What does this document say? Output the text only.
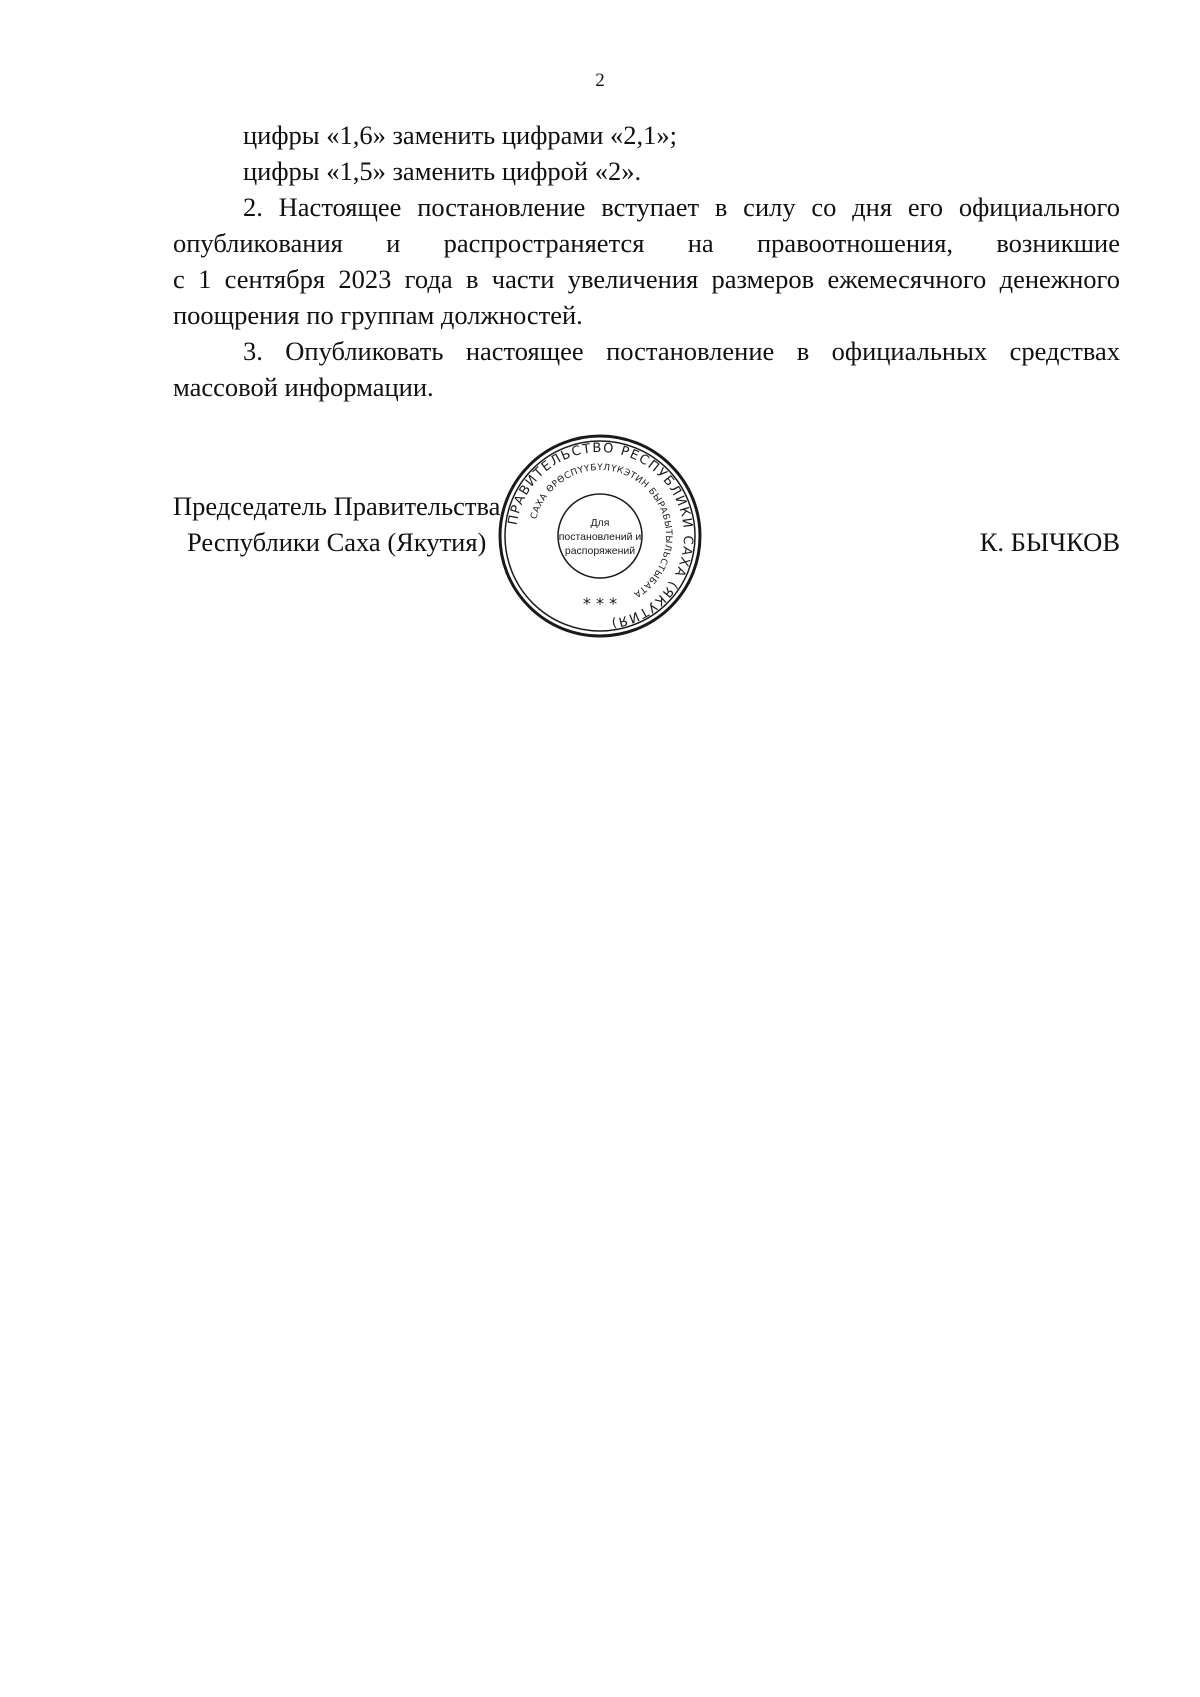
2
цифры «1,6» заменить цифрами «2,1»;
цифры «1,5» заменить цифрой «2».
2. Настоящее постановление вступает в силу со дня его официального
опубликования и распространяется на правоотношения, возникшие
с 1 сентября 2023 года в части увеличения размеров ежемесячного денежного
поощрения по группам должностей.
3. Опубликовать настоящее постановление в официальных средствах
массовой информации.
Председатель Правительства
Республики Саха (Якутия)	К. БЫЧКОВ
ПРАВИТЕЛЬСТВО РЕСПУБЛИКИ САХА (ЯКУТИЯ)
САХА ӨРӨСПҮҮБҮЛҮКЭТИН БЫРАБЫТЫЛЬСТЫБАТА
Для
постановлений и
распоряжений
* * *
